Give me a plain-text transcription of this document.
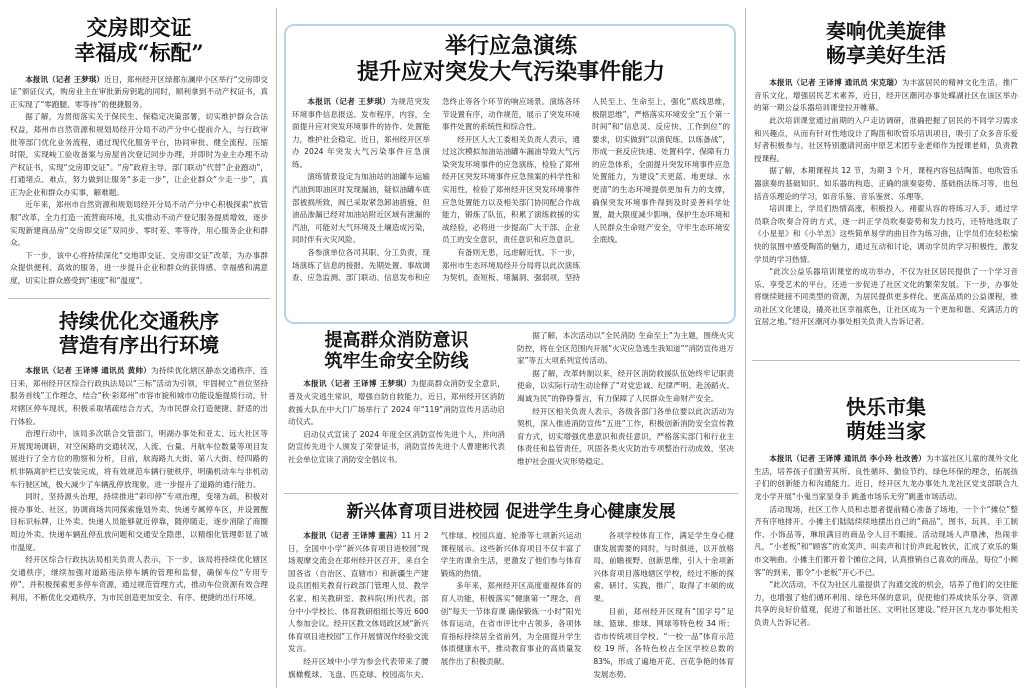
交房即交证
幸福成“标配”

本报讯（记者 王梦琪）近日，郑州经开区绿都东澜岸小区举行“交房即交证”颁证仪式，购房业主在审批新房钥匙的同时，顺利拿到不动产权证书，真正实现了“零跑腿、零等待”的便捷服务。

据了解，为贯彻落实关于保民生、保稳定决策部署，切实维护群众合法权益，郑州市自然资源和规划局经开分局不动产分中心提前介入，与行政审批等部门优化业务流程，通过现代化服务平台，协同审批、健全流程、压缩时限，实现峻工验收备案与房屋首次登记同步办理，并即时为业主办理不动产权证书，实现“交房即交证”。“房”政府主导、部门联动“代替”企业跑动”，打通堵点、难点，努力做到让服务“多走一步”，让企业群众“少走一步”，真正为企业和群众办实事，解难题。

近年来，郑州市自然资源和规划局经开分局不动产分中心积极探索“放管服”改革，全力打造一流营商环境，扎实推动不动产登记服务提质增效，逐步实现新建商品房“交房即交证”双同步、零时差、零等待，用心服务企业和群众。

下一步，该中心将持续深化“交地即交证、交房即交证”改革，为办事群众提供便利、高效的服务，进一步提升企业和群众的获得感、幸福感和满意度，切实让群众感受到“速度”和“温度”。

持续优化交通秩序
营造有序出行环境

本报讯（记者 王译博 通讯员 黄帅）为持续优化辖区静态交通秩序，连日来，郑州经开区综合行政执法局以“三标”活动为引领，牢固树立“首位坚持 服务首线”工作理念，结合“秋·彩郑州”市容市貌和城市功能设施提质行动，针对辖区停车现状，积极采取堵疏结合方式，为市民群众打造便捷、舒适的出行体验。

治理行动中，该局多次联合交管部门，明湖办事处和亚太、远大社区等开展现场调研，对空闲路的交通状况，人流、台量、月航车位数量等项目发展进行了全方位的勘察和分析，目前，航海路九大街、第八大街、经四路的机非隔离护栏已安装完成，将有效规范车辆行驶秩序，明确机动车与非机动车行驶区域，极大减少了车辆乱停放现象，进一步提升了道路的通行能力。

同时，坚持源头治理，持续推进“彩印停”专项治理，变堵为疏，积极对接办事处、社区，协调商场共同探索施划外卖、快递专属停车区，并设置醒目标识标牌，让外卖、快递人员能够就近停靠，随停随走，逐步消除了商圈周边外卖、快递车辆乱停乱放问题和交通安全隐患，以精细化管理彰显了城市温度。

经开区综合行政执法局相关负责人表示，下一步，该局将持续优化辖区交通秩序，继续加强对道路违法停车辆的管理和监督，确保车位“专用专停”，并积极探索更多停车资源，通过规范管理方式，推动车位资源有效合理利用，不断优化交通秩序，为市民创造更加安全、有序、便捷的出行环境。

举行应急演练
提升应对突发大气污染事件能力

本报讯（记者 王梦琪）为规范突发环境事件信息报送、发布程序，内容，全面提升应对突发环境事件的协作、处置能力，维护社会稳定。近日，郑州经开区举办 2024 年突发大气污染事件应急演练。

演练情景设定为加油站的油罐车运输汽油到即油区时发现漏油，疑似油罐车底部被损所致，阀已采取紧急卸油措施，但油品渗漏已经对加油站附近区域有泄漏的汽油，可能对大气环境及土壤造成污染，同时伴有火灾风险。

各参演单位各司其职、分工负责，现场演练了信息的接报、先期处置、事故调查、应急监测、部门联动、信息发布和应急终止等各个环节的响应场景。演练各环节设置有序，动作规范，展示了突发环境事件处置的系统性和综合性。

经开区人大工委相关负责人表示，通过这次模拟加油站油罐车漏油导致大气污染突发环境事件的应急演练，检验了郑州经开区突发环境事件应急预案的科学性和实用性，检验了郑州经开区突发环境事件应急处置能力以及相关部门协同配合作战能力，锻炼了队伍，积累了演练救援的实战经验，必将进一步提高广大干部、企业员工的安全意识，责任意识和应急意识。

有备则无患，远虑解近忧。下一步，郑州市生态环境局经开分局将以此次演练为契机，查短板、堵漏洞、强弱项，坚持人民至上、生命至上，强化“底线思维，极限思维”，严格落实环境安全“五个第一时间”和“信息灵、反应快、工作到位”的要求，切实做到“以演促练、以练备战”，形成一套反应快速、处置科学、保障有力的应急体系，全面提升突发环境事件应急处置能力，为建设“天更蓝、地更绿、水更清”的生态环境提供更加有力的支撑，确保突发环境事件得到及时妥善科学处置，最大限度减少影响，保护生态环境和人民群众生命财产安全，守牢生态环境安全底线。

提高群众消防意识
筑牢生命安全防线

本报讯（记者 王译博 王梦琪）为提高群众消防安全意识，普及火灾逃生常识，增强自防自救能力，近日，郑州经开区消防救援大队在中大门广场举行了 2024 年“119”消防宣传月活动启动仪式。

启动仪式宣读了 2024 年度全区消防宣传先进个人，并向消防宣传先进个人颁发了荣誉证书，消防宣传先进个人曹建彬代表社会单位宣读了消防安全倡议书。

据了解，本次活动以“全民消防 生命至上”为主题，围绕火灾防控，将在全区范围内开展“火灾应急逃生我知道”“消防宣传进万家”等五大项系列宣传活动。

据了解，改革转制以来，经开区消防救援队伍始终牢记职责使命，以实际行动生动诠释了“对党忠诚、纪律严明、赴汤蹈火、竭诚为民”的铮铮誓言，有力保障了人民群众生命财产安全。

经开区相关负责人表示，各级各部门各单位要以此次活动为契机，深入推进消防宣传“五进”工作，积极创新消防安全宣传教育方式，切实增强优患意识和责任意识，严格落实部门和行业主体责任和监管责任，巩固各类火灾防治专项整治行动成效，坚决维护社会面火灾形势稳定。

新兴体育项目进校园 促进学生身心健康发展

本报讯（记者 王译博 董茜）11 月 2 日，全国中小学“新兴体育项目进校园”现场观摩交流会在郑州经开区召开，来自全国各省（自治区、直辖市）和新疆生产建设兵团相关教育行政部门管理人员、教学名家、相关教研室、教科院(所)代表，部分中小学校长、体育教研组组长等近 600 人参加会议。经开区教文体局政区域“新兴体育项目进校园”工作开展情况作经验交流发言。

经开区域中小学为参会代表带来了腰旗橄榄球、飞盘、匹克球、校园高尔夫、气排球、校园兵道、轮滑等七项新兴运动课程展示。这些新兴体育项目不仅丰富了学生的课余生活，更激发了他们参与体育锻炼的热情。

多年来，郑州经开区高度重视体育的育人功能，积极落实“健康第一”理念，首创“每天一节体育课 确保锻炼一小时”阳光体育运动，在省市评比中占领多，各项体育指标持续居全省前列，为全面提升学生体质健康水平，推动教育事业的高质量发展作出了积极贡献。

各项学校体育工作，满足学生身心健康发展需要的同时，与时俱进，以开放格局、前瞻视野、创新思维，引入十余项新兴体育项目落地辖区学校，经过不断的探索、研讨、实践，推广，取得了丰硕的成果。

目前，郑州经开区现有“国字号”足球、篮球、排球、网球等特色校 34 所；省市传统项目学校、“一校一品”体育示范校 19 所，各特色校占全区学校总数的 83%，形成了遍地开花、百花争艳的体育发展态势。

奏响优美旋律
畅享美好生活

本报讯（记者 王译博 通讯员 宋克瑞）为丰富居民的精神文化生活，推广音乐文化，增强居民艺术素养，近日，经开区潮河办事处蝶湖社区在该区举办的第一期公益乐器培训课堂拉开帷幕。

此次培训课堂通过前期的入户走访调研，准确把握了居民的不同学习需求和兴趣点，从而有针对性地设计了陶笛和吹管乐培训项目，吸引了众多音乐爱好者积极参与。社区特别邀请河南中原艺术团专业老师作为授课老师，负责教授课程。

据了解，本期课程共 12 节，为期 3 个月，课程内容包括陶笛、电吹管乐器演奏的基础知识、如乐器的构造、正确的演奏姿势、基础指法练习等，也包括音乐理论的学习，如音乐鉴、音乐鉴赏、乐理等。

培训课上，学员们热情高涨，积极投入。褚翟从容的将练习入手，通过学员联合吹奏合符的方式，逐一纠正学员吹奏姿势和发力技巧，还特地选取了《小星星》和《小羊羔》这些简单易学的曲目作为练习曲，让学员们在轻松愉快的氛围中感受陶笛的魅力，通过互动和讨论，调动学员的学习积极性，激发学员的学习热情。

“此次公益乐器培训课堂的成功举办，不仅为社区居民提供了一个学习音乐、享受艺术的平台，还进一步促进了社区文化的繁荣发展。下一步，办事处将继续链接不同类型的资源，为居民提供更多样化、更高品质的公益课程，推动社区文化建设，撬亮社区幸福底色，让社区成为一个更加和谐、充满活力的宜居之地。”经开区潮河办事处相关负责人告诉记者。

快乐市集
萌娃当家

本报讯（记者 王译博 通讯员 李小玲 杜改善）为丰富社区儿童的课外文化生活，培养孩子们勤劳其所、良性循环、勤俭节约、绿色环保的理念，拓展孩子们的创新能力和沟通能力。近日，经开区九龙办事处九龙社区党支部联合九龙小学开展“小鬼当家显身手 跳蚤市场乐无穷”跳蚤市场活动。

活动现场，社区工作人员和志愿者提前精心准备了场地，一个个“摊位”整齐有序地排开。小摊主们陆陆续续地摆出自己的“商品”，图书、玩具、手工制作、小饰品等，琳琅满目的商品令人目不暇接。活动现场人声鼎沸，热闹非凡，“小老板”和“顾客”的欢笑声、叫卖声和讨价声此起彼伏，汇成了欢乐的集市交响曲。小摊主们都开着个摊位之间，认真推销自己喜欢的商品，每位“小顾客”的到来，都令“小老板”开心不已。

“此次活动，不仅为社区儿童提供了沟通交流的机会，培养了他们的交往能力，也增强了他们循环利用、绿色环保的意识，促使他们养成快乐分享、资源共享的良好价值观，促进了和谐社区、文明社区建设。”经开区九龙办事处相关负责人告诉记者。
